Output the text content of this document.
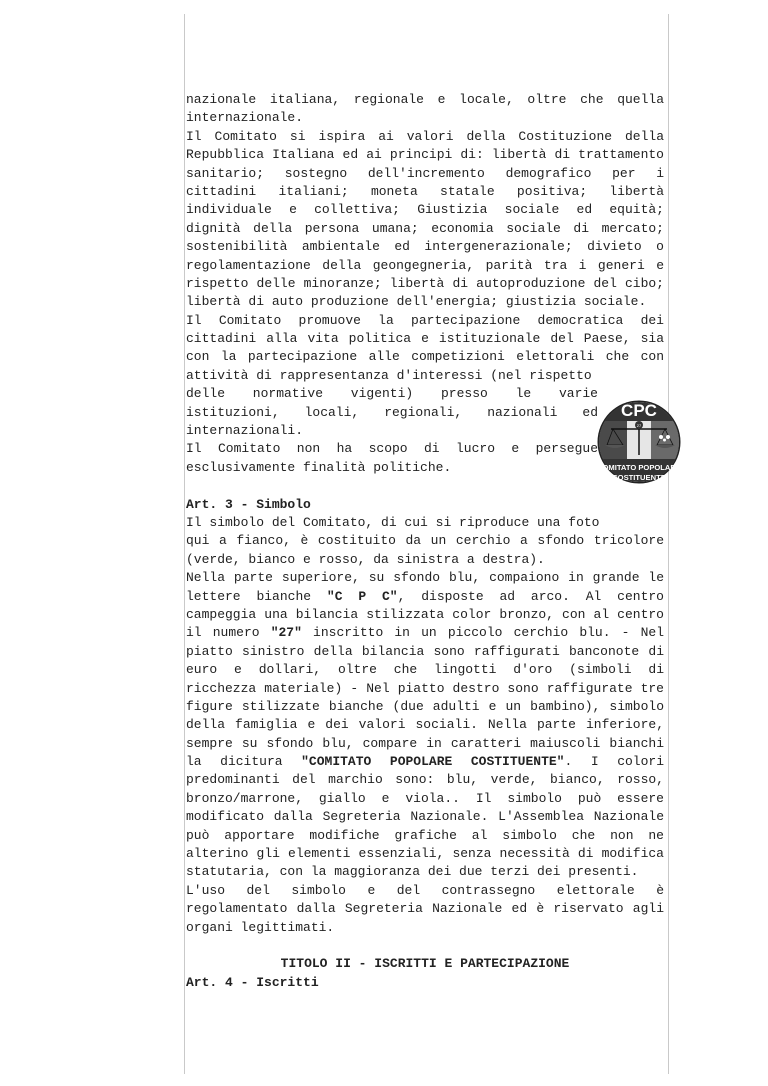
nazionale italiana, regionale e locale, oltre che quella
internazionale.
Il Comitato si ispira ai valori della Costituzione della
Repubblica Italiana ed ai principi di: libertà di trattamento
sanitario; sostegno dell'incremento demografico per i
cittadini italiani; moneta statale positiva; libertà
individuale e collettiva; Giustizia sociale ed equità;
dignità della persona umana; economia sociale di mercato;
sostenibilità ambientale ed intergenerazionale; divieto o
regolamentazione della geongegneria, parità tra i generi e
rispetto delle minoranze; libertà di autoproduzione del cibo;
libertà di auto produzione dell'energia; giustizia sociale.
Il Comitato promuove la partecipazione democratica dei
cittadini alla vita politica e istituzionale del Paese, sia
con la partecipazione alle competizioni elettorali che con
attività di rappresentanza d'interessi (nel rispetto
delle normative vigenti) presso le varie
istituzioni, locali, regionali, nazionali ed
internazionali.
Il Comitato non ha scopo di lucro e persegue
esclusivamente finalità politiche.
Art. 3 - Simbolo
Il simbolo del Comitato, di cui si riproduce una foto
qui a fianco, è costituito da un cerchio a sfondo tricolore
(verde, bianco e rosso, da sinistra a destra).
Nella parte superiore, su sfondo blu, compaiono in grande le
lettere bianche "C P C", disposte ad arco. Al centro
campeggia una bilancia stilizzata color bronzo, con al centro
il numero "27" inscritto in un piccolo cerchio blu. - Nel
piatto sinistro della bilancia sono raffigurati banconote di
euro e dollari, oltre che lingotti d'oro (simboli di
ricchezza materiale) - Nel piatto destro sono raffigurate tre
figure stilizzate bianche (due adulti e un bambino), simbolo
della famiglia e dei valori sociali. Nella parte inferiore,
sempre su sfondo blu, compare in caratteri maiuscoli bianchi
la dicitura "COMITATO POPOLARE COSTITUENTE". I colori
predominanti del marchio sono: blu, verde, bianco, rosso,
bronzo/marrone, giallo e viola.. Il simbolo può essere
modificato dalla Segreteria Nazionale. L'Assemblea Nazionale
può apportare modifiche grafiche al simbolo che non ne
alterino gli elementi essenziali, senza necessità di modifica
statutaria, con la maggioranza dei due terzi dei presenti.
L'uso del simbolo e del contrassegno elettorale è
regolamentato dalla Segreteria Nazionale ed è riservato agli
organi legittimati.
TITOLO II - ISCRITTI E PARTECIPAZIONE
Art. 4 - Iscritti
CPC
27
COMITATO POPOLARE
COSTITUENTE
